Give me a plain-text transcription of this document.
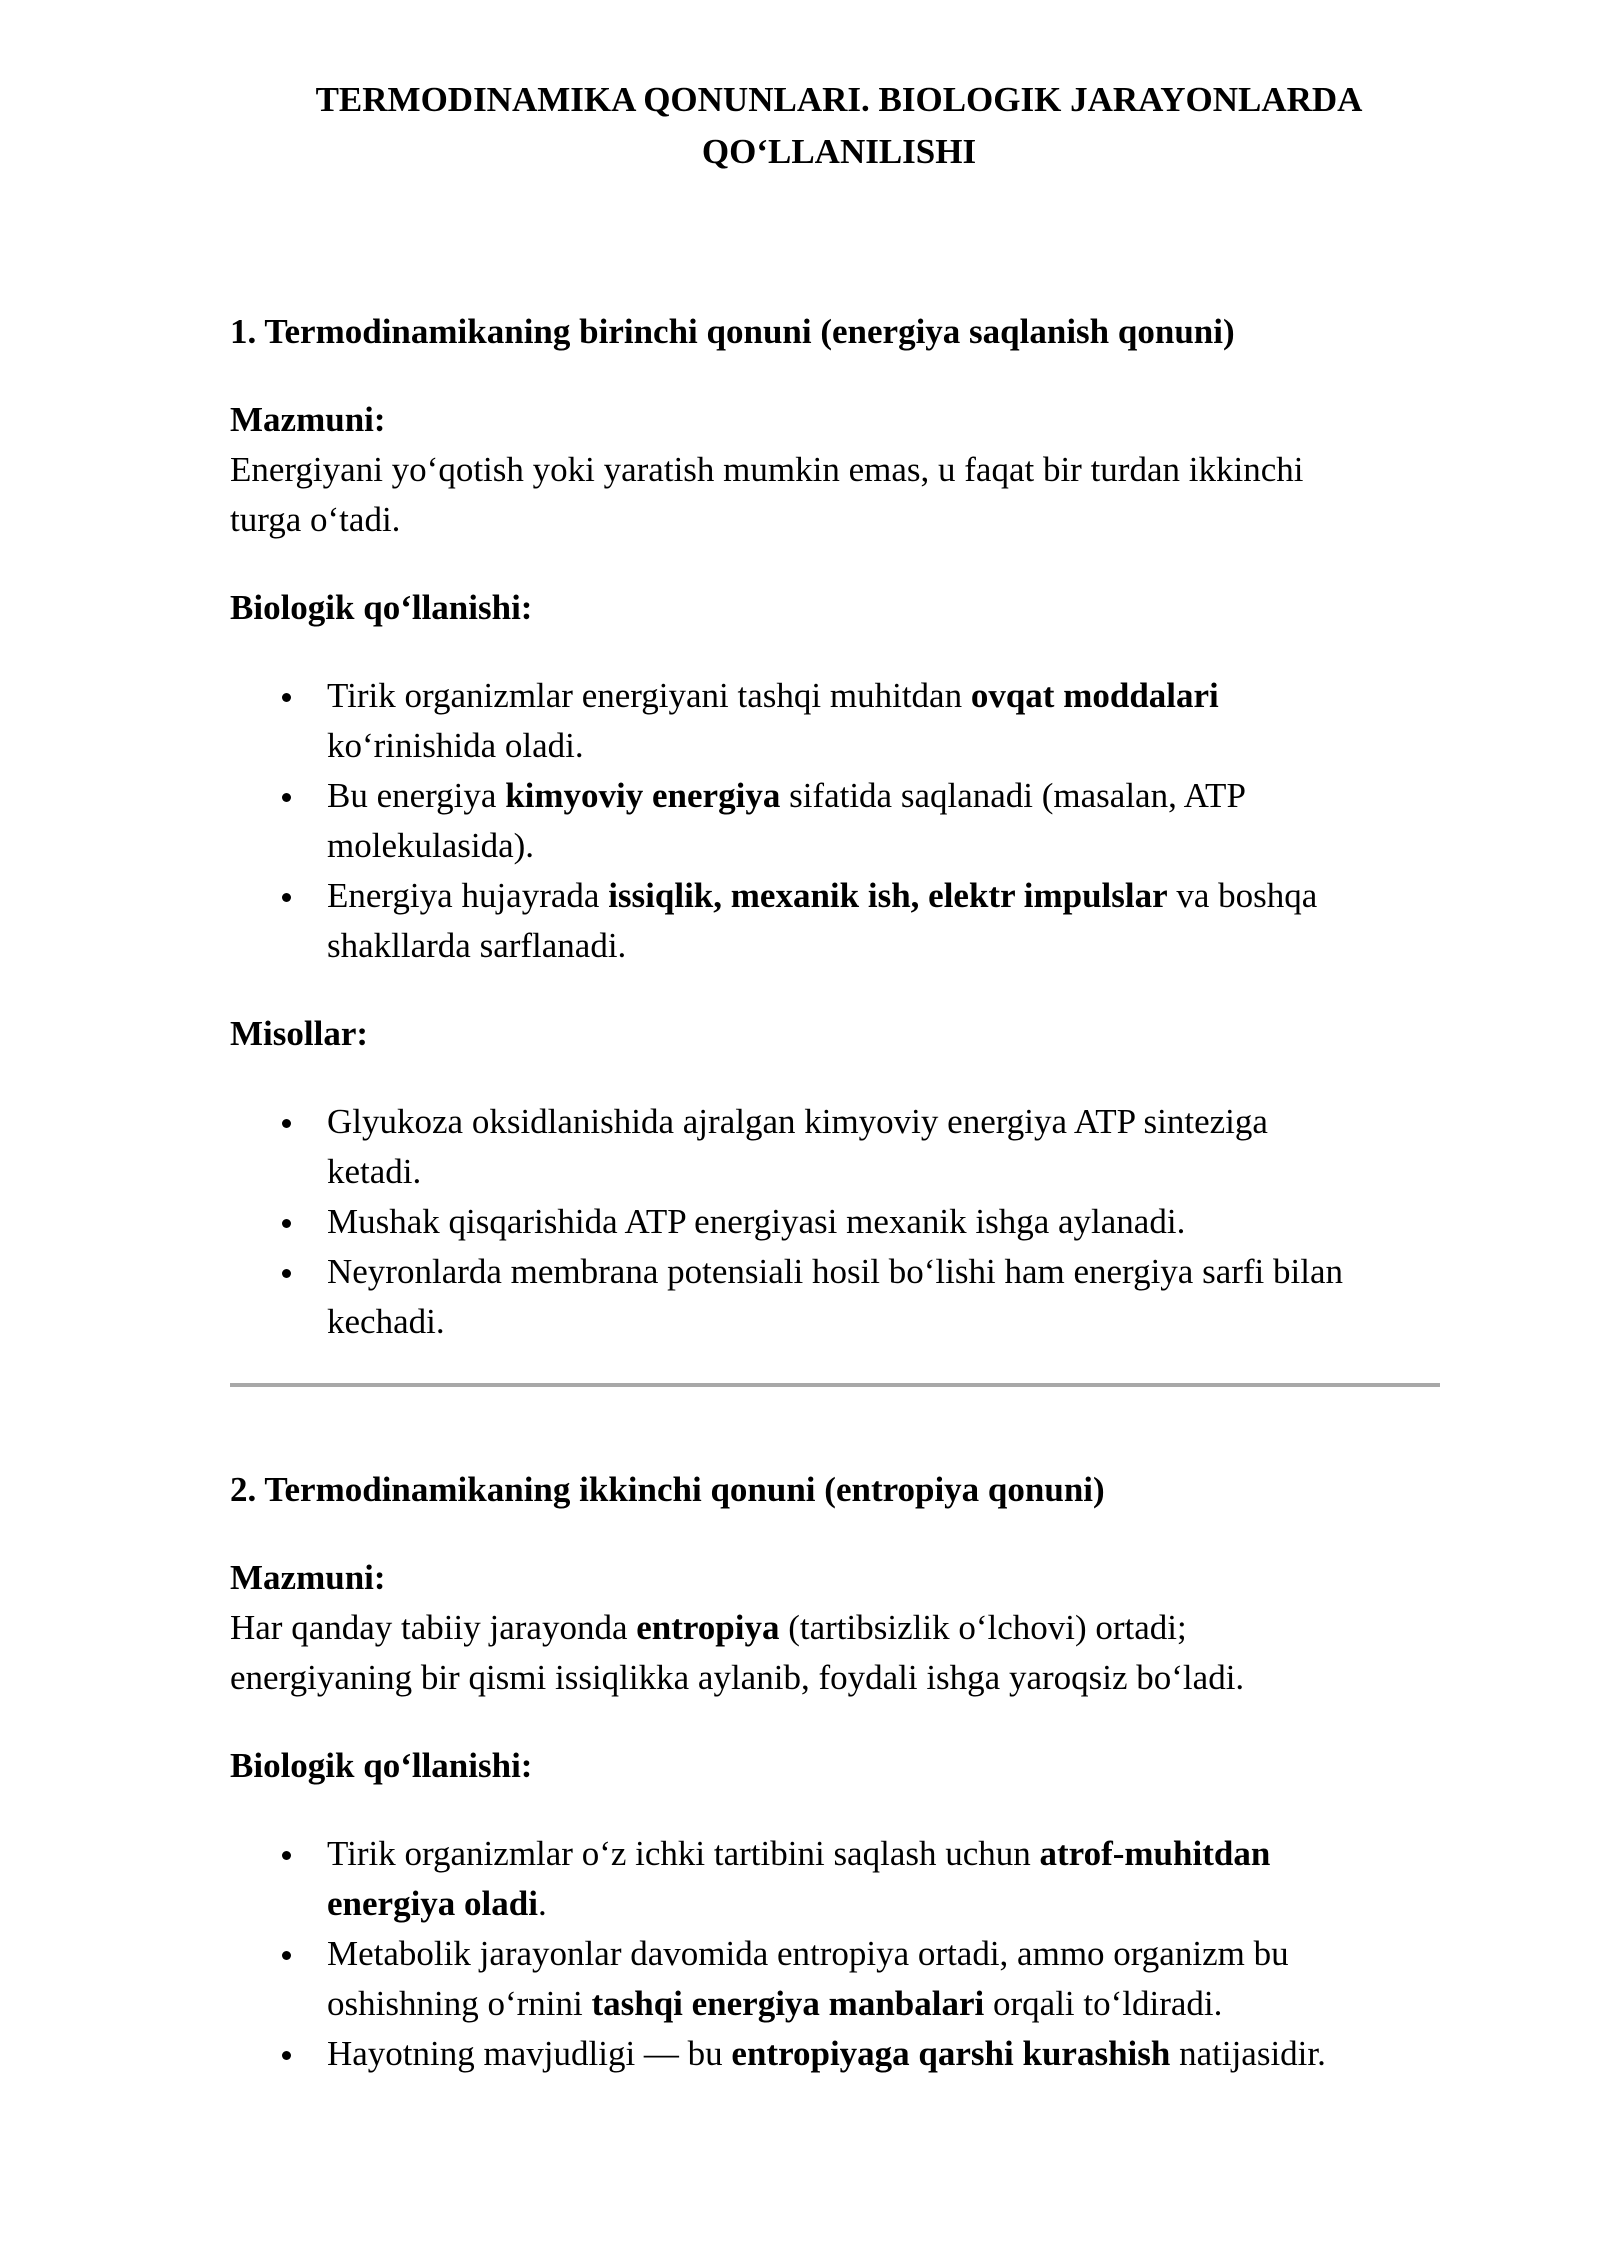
TERMODINAMIKA QONUNLARI. BIOLOGIK JARAYONLARDA
QO‘LLANILISHI
1. Termodinamikaning birinchi qonuni (energiya saqlanish qonuni)
Mazmuni:

Energiyani yo‘qotish yoki yaratish mumkin emas, u faqat bir turdan ikkinchi
turga o‘tadi.

Biologik qo‘llanishi:
Tirik organizmlar energiyani tashqi muhitdan ovqat moddalari
ko‘rinishida oladi.
Bu energiya kimyoviy energiya sifatida saqlanadi (masalan, ATP
molekulasida).
Energiya hujayrada issiqlik, mexanik ish, elektr impulslar va boshqa
shakllarda sarflanadi.
Misollar:
Glyukoza oksidlanishida ajralgan kimyoviy energiya ATP sinteziga
ketadi.
Mushak qisqarishida ATP energiyasi mexanik ishga aylanadi.
Neyronlarda membrana potensiali hosil bo‘lishi ham energiya sarfi bilan
kechadi.
2. Termodinamikaning ikkinchi qonuni (entropiya qonuni)
Mazmuni:

Har qanday tabiiy jarayonda entropiya (tartibsizlik o‘lchovi) ortadi;
energiyaning bir qismi issiqlikka aylanib, foydali ishga yaroqsiz bo‘ladi.

Biologik qo‘llanishi:
Tirik organizmlar o‘z ichki tartibini saqlash uchun atrof-muhitdan
energiya oladi.
Metabolik jarayonlar davomida entropiya ortadi, ammo organizm bu
oshishning o‘rnini tashqi energiya manbalari orqali to‘ldiradi.
Hayotning mavjudligi — bu entropiyaga qarshi kurashish natijasidir.
